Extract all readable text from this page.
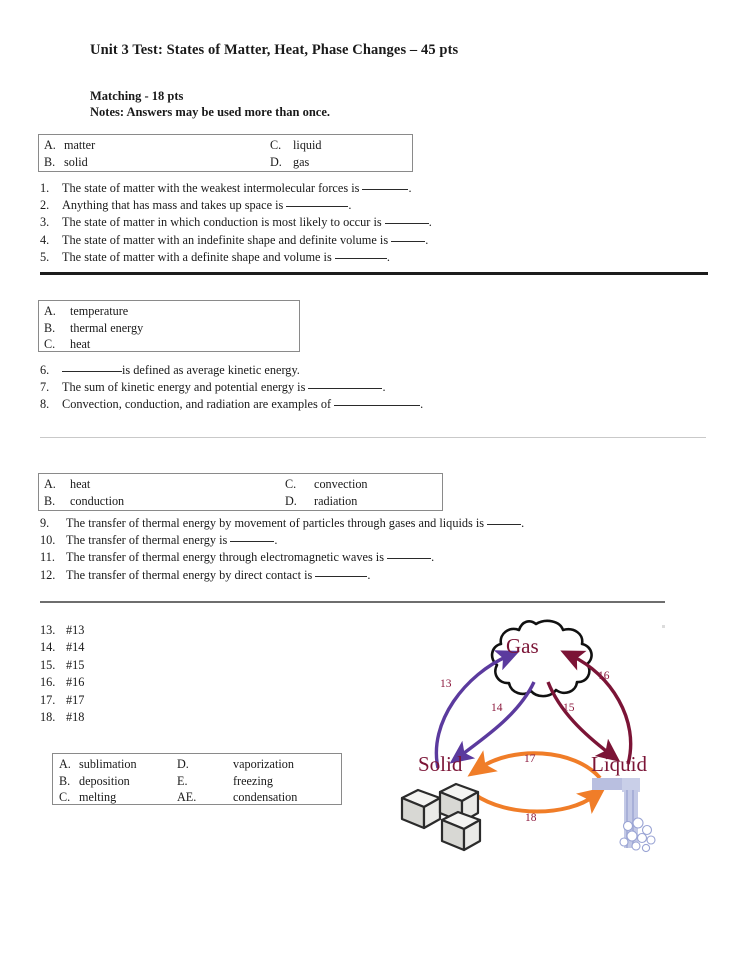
Unit 3 Test: States of Matter, Heat, Phase Changes – 45 pts
Matching - 18 pts
Notes: Answers may be used more than once.
A. matter	C. liquid
B. solid	D. gas
1.	The state of matter with the weakest intermolecular forces is	.
2.	Anything that has mass and takes up space is	.
3.	The state of matter in which conduction is most likely to occur is	.
4.	The state of matter with an indefinite shape and definite volume is	.
5.	The state of matter with a definite shape and volume is	.
A.	temperature
B.	thermal energy
C.	heat
6.	is defined as average kinetic energy.
7.	The sum of kinetic energy and potential energy is	.
8.	Convection, conduction, and radiation are examples of	.
A.	heat	C. convection
B.	conduction	D. radiation
9.	The transfer of thermal energy by movement of particles through gases and liquids is	.
10. The transfer of thermal energy is	.
11. The transfer of thermal energy through electromagnetic waves is	.
12. The transfer of thermal energy by direct contact is	.
13. #13
14. #14
15. #15
16. #16
17. #17
18. #18
A. sublimation	D.	vaporization
B. deposition	E.	freezing
C. melting	AE.	condensation
Gas
Solid	Liquid
13
14	15
16
17
18
